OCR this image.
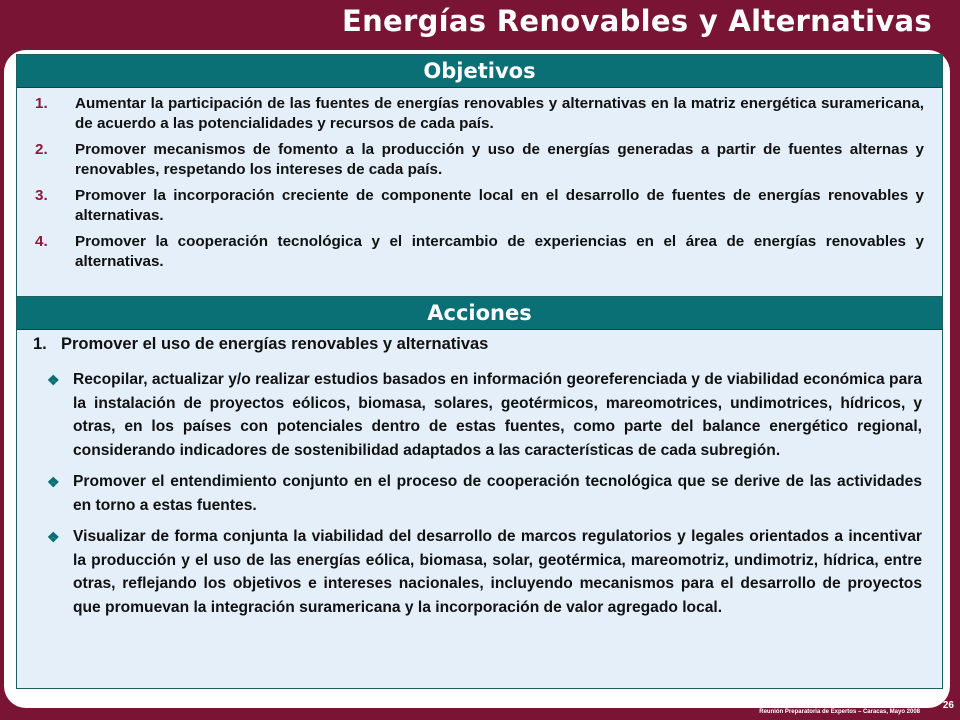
Energías Renovables y Alternativas
Objetivos
1.	Aumentar la participación de las fuentes de energías renovables y alternativas en la matriz energética suramericana, de acuerdo a las potencialidades y recursos de cada país.
2.	Promover mecanismos de fomento a la producción y uso de energías generadas a partir de fuentes alternas y renovables, respetando los intereses de cada país.
3.	Promover la incorporación creciente de componente local en el desarrollo de fuentes de energías renovables y alternativas.
4.	Promover la cooperación tecnológica y el intercambio de experiencias en el área de energías renovables y alternativas.
Acciones
1. Promover el uso de energías renovables y alternativas
❖ Recopilar, actualizar y/o realizar estudios basados en información georeferenciada y de viabilidad económica para la instalación de proyectos eólicos, biomasa, solares, geotérmicos, mareomotrices, undimotrices, hídricos, y otras, en los países con potenciales dentro de estas fuentes, como parte del balance energético regional, considerando indicadores de sostenibilidad adaptados a las características de cada subregión.
❖ Promover el entendimiento conjunto en el proceso de cooperación tecnológica que se derive de las actividades en torno a estas fuentes.
❖ Visualizar de forma conjunta la viabilidad del desarrollo de marcos regulatorios y legales orientados a incentivar la producción y el uso de las energías eólica, biomasa, solar, geotérmica, mareomotriz, undimotriz, hídrica, entre otras, reflejando los objetivos e intereses nacionales, incluyendo mecanismos para el desarrollo de proyectos que promuevan la integración suramericana y la incorporación de valor agregado local.
Reunión Preparatoria de Expertos – Caracas, Mayo 2008
26
